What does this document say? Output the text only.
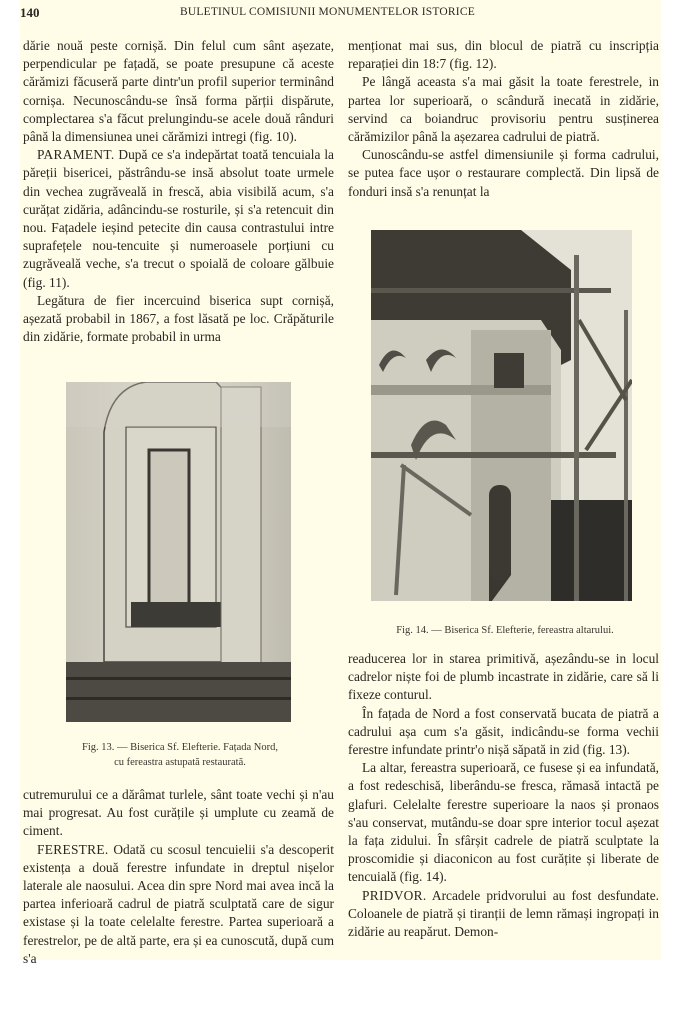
140	BULETINUL COMISIUNII MONUMENTELOR ISTORICE

dărie nouă peste cornișă. Din felul cum sânt așezate, perpendicular pe fațadă, se poate presupune că aceste cărămizi făcuseră parte dintr'un profil superior terminând cornișa. Necunoscându-se însă forma părții dispărute, complectarea s'a făcut prelungindu-se acele două rânduri până la dimensiunea unei cărămizi intregi (fig. 10).

PARAMENT. După ce s'a indepărtat toată tencuiala la păreții bisericei, păstrându-se insă absolut toate urmele din vechea zugrăveală in frescă, abia visibilă acum, s'a curățat zidăria, adâncindu-se rosturile, și s'a retencuit din nou. Fațadele ieșind petecite din causa contrastului intre suprafețele nou-tencuite și numeroasele porțiuni cu zugrăveală veche, s'a trecut o spoială de coloare gălbuie (fig. 11).

Legătura de fier incercuind biserica supt cornișă, așezată probabil in 1867, a fost lăsată pe loc. Crăpăturile din zidărie, formate probabil in urma

Fig. 13. — Biserica Sf. Elefterie. Fațada Nord,
cu fereastra astupată restaurată.

cutremurului ce a dărâmat turlele, sânt toate vechi și n'au mai progresat. Au fost curățile și umplute cu zeamă de ciment.

FERESTRE. Odată cu scosul tencuielii s'a descoperit existența a două ferestre infundate in dreptul nișelor laterale ale naosului. Acea din spre Nord mai avea incă la partea inferioară cadrul de piatră sculptată care de sigur existase și la toate celelalte ferestre. Partea superioară a ferestrelor, pe de altă parte, era și ea cunoscută, după cum s'a

menționat mai sus, din blocul de piatră cu inscripția reparației din 18:7 (fig. 12).

Pe lângă aceasta s'a mai găsit la toate ferestrele, in partea lor superioară, o scândură inecată in zidărie, servind ca boiandruc provisoriu pentru susținerea cărămizilor până la așezarea cadrului de piatră.

Cunoscându-se astfel dimensiunile și forma cadrului, se putea face ușor o restaurare complectă. Din lipsă de fonduri insă s'a renunțat la

Fig. 14. — Biserica Sf. Elefterie, fereastra altarului.

readucerea lor in starea primitivă, așezându-se in locul cadrelor niște foi de plumb incastrate in zidărie, care să li fixeze conturul.

În fațada de Nord a fost conservată bucata de piatră a cadrului așa cum s'a găsit, indicându-se forma vechii ferestre infundate printr'o nișă săpată in zid (fig. 13).

La altar, fereastra superioară, ce fusese și ea infundată, a fost redeschisă, liberându-se fresca, rămasă intactă pe glafuri. Celelalte ferestre superioare la naos și pronaos s'au conservat, mutându-se doar spre interior tocul așezat la fața zidului. În sfârșit cadrele de piatră sculptate la proscomidie și diaconicon au fost curățite și liberate de tencuială (fig. 14).

PRIDVOR. Arcadele pridvorului au fost desfundate. Coloanele de piatră și tiranții de lemn rămași ingropați in zidărie au reapărut. Demon-
